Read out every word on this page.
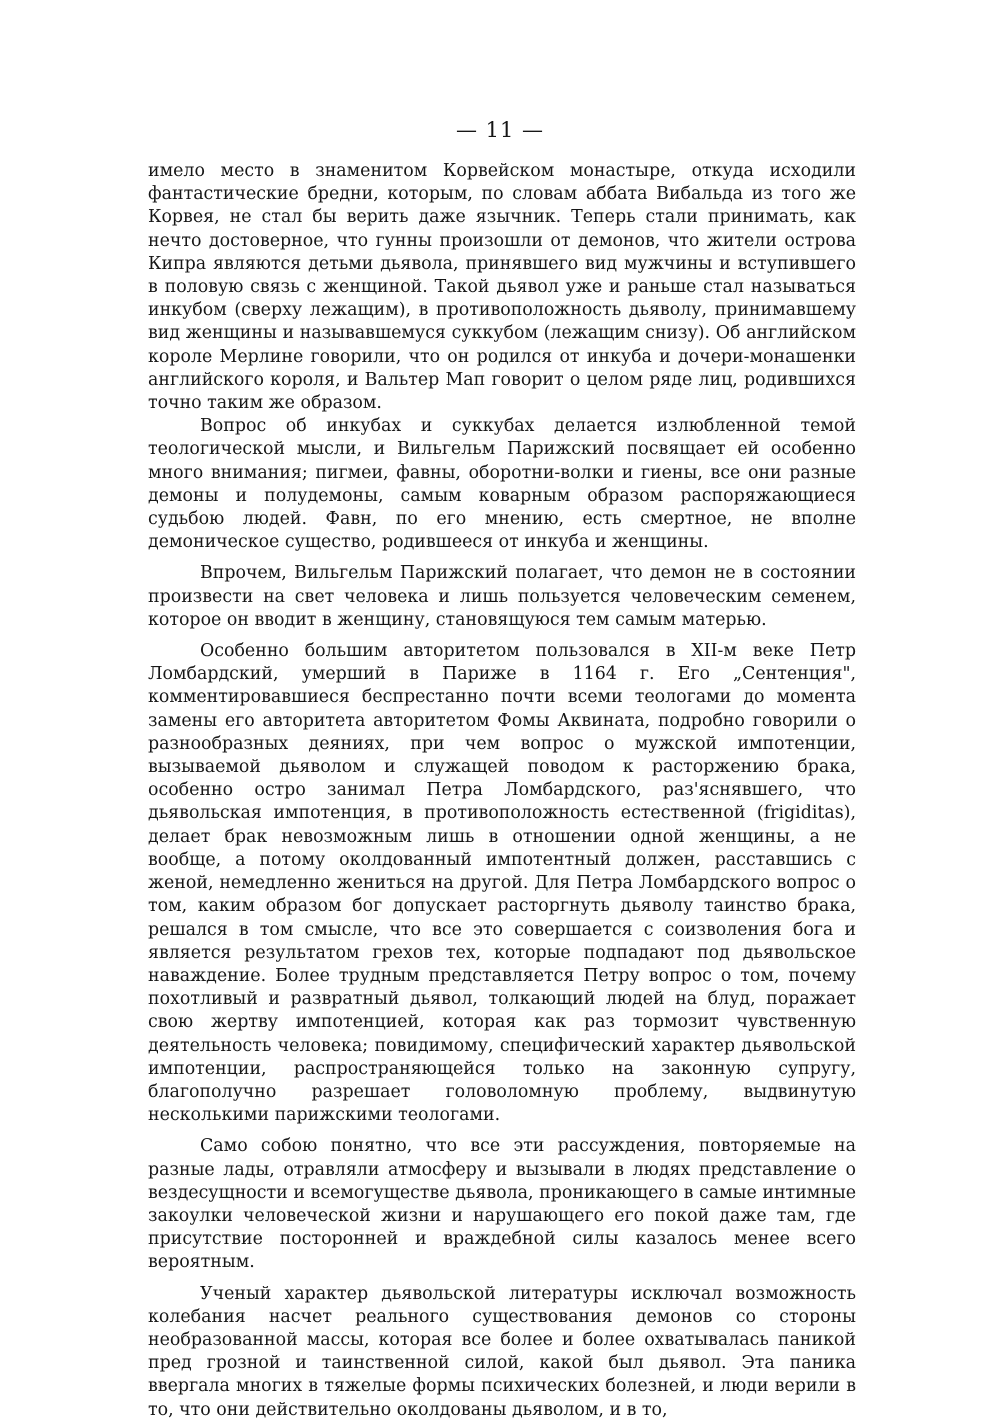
— 11 —

имело место в знаменитом Корвейском монастыре, откуда исходили фантастические бредни, которым, по словам аббата Вибальда из того же Корвея, не стал бы верить даже язычник. Теперь стали принимать, как нечто достоверное, что гунны произошли от демонов, что жители острова Кипра являются детьми дьявола, принявшего вид мужчины и вступившего в половую связь с женщиной. Такой дьявол уже и раньше стал называться инкубом (сверху лежащим), в противоположность дьяволу, принимавшему вид женщины и называвшемуся суккубом (лежащим снизу). Об английском короле Мерлине говорили, что он родился от инкуба и дочери-монашенки английского короля, и Вальтер Мап говорит о целом ряде лиц, родившихся точно таким же образом.

Вопрос об инкубах и суккубах делается излюбленной темой теологической мысли, и Вильгельм Парижский посвящает ей особенно много внимания; пигмеи, фавны, оборотни-волки и гиены, все они разные демоны и полудемоны, самым коварным образом распоряжающиеся судьбою людей. Фавн, по его мнению, есть смертное, не вполне демоническое существо, родившееся от инкуба и женщины.

Впрочем, Вильгельм Парижский полагает, что демон не в состоянии произвести на свет человека и лишь пользуется человеческим семенем, которое он вводит в женщину, становящуюся тем самым матерью.

Особенно большим авторитетом пользовался в XII-м веке Петр Ломбардский, умерший в Париже в 1164 г. Его „Сентенция", комментировавшиеся беспрестанно почти всеми теологами до момента замены его авторитета авторитетом Фомы Аквината, подробно говорили о разнообразных деяниях, при чем вопрос о мужской импотенции, вызываемой дьяволом и служащей поводом к расторжению брака, особенно остро занимал Петра Ломбардского, раз'яснявшего, что дьявольская импотенция, в противоположность естественной (frigiditas), делает брак невозможным лишь в отношении одной женщины, а не вообще, а потому околдованный импотентный должен, расставшись с женой, немедленно жениться на другой. Для Петра Ломбардского вопрос о том, каким образом бог допускает расторгнуть дьяволу таинство брака, решался в том смысле, что все это совершается с соизволения бога и является результатом грехов тех, которые подпадают под дьявольское наваждение. Более трудным представляется Петру вопрос о том, почему похотливый и развратный дьявол, толкающий людей на блуд, поражает свою жертву импотенцией, которая как раз тормозит чувственную деятельность человека; повидимому, специфический характер дьявольской импотенции, распространяющейся только на законную супругу, благополучно разрешает головоломную проблему, выдвинутую несколькими парижскими теологами.

Само собою понятно, что все эти рассуждения, повторяемые на разные лады, отравляли атмосферу и вызывали в людях представление о вездесущности и всемогуществе дьявола, проникающего в самые интимные закоулки человеческой жизни и нарушающего его покой даже там, где присутствие посторонней и враждебной силы казалось менее всего вероятным.

Ученый характер дьявольской литературы исключал возможность колебания насчет реального существования демонов со стороны необразованной массы, которая все более и более охватывалась паникой пред грозной и таинственной силой, какой был дьявол. Эта паника ввергала многих в тяжелые формы психических болезней, и люди верили в то, что они действительно околдованы дьяволом, и в то,
